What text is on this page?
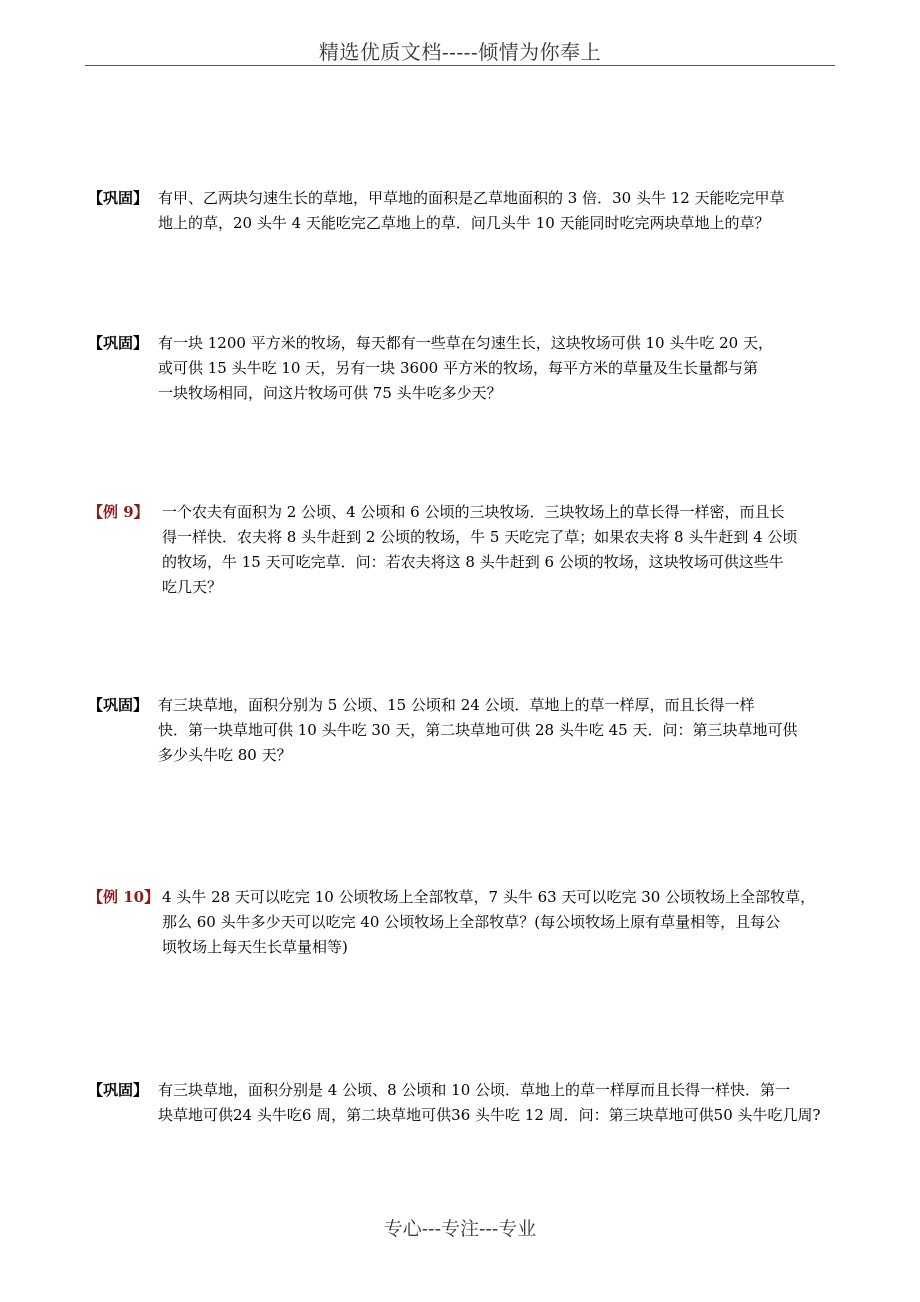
精选优质文档-----倾情为你奉上
【巩固】 有甲、乙两块匀速生长的草地，甲草地的面积是乙草地面积的 3 倍．30 头牛 12 天能吃完甲草
地上的草，20 头牛 4 天能吃完乙草地上的草．问几头牛 10 天能同时吃完两块草地上的草？
【巩固】 有一块 1200 平方米的牧场，每天都有一些草在匀速生长，这块牧场可供 10 头牛吃 20 天，
或可供 15 头牛吃 10 天，另有一块 3600 平方米的牧场，每平方米的草量及生长量都与第
一块牧场相同，问这片牧场可供 75 头牛吃多少天？
【例 9】 一个农夫有面积为 2 公顷、4 公顷和 6 公顷的三块牧场．三块牧场上的草长得一样密，而且长
得一样快．农夫将 8 头牛赶到 2 公顷的牧场，牛 5 天吃完了草；如果农夫将 8 头牛赶到 4 公顷
的牧场，牛 15 天可吃完草．问：若农夫将这 8 头牛赶到 6 公顷的牧场，这块牧场可供这些牛
吃几天？
【巩固】 有三块草地，面积分别为 5 公顷、15 公顷和 24 公顷．草地上的草一样厚，而且长得一样
快．第一块草地可供 10 头牛吃 30 天，第二块草地可供 28 头牛吃 45 天．问：第三块草地可供
多少头牛吃 80 天？
【例 10】 4 头牛 28 天可以吃完 10 公顷牧场上全部牧草，7 头牛 63 天可以吃完 30 公顷牧场上全部牧草，
那么 60 头牛多少天可以吃完 40 公顷牧场上全部牧草？(每公顷牧场上原有草量相等，且每公
顷牧场上每天生长草量相等)
【巩固】 有三块草地，面积分别是 4 公顷、8 公顷和 10 公顷．草地上的草一样厚而且长得一样快．第一
块草地可供24 头牛吃6 周，第二块草地可供36 头牛吃 12 周．问：第三块草地可供50 头牛吃几周?
专心---专注---专业
